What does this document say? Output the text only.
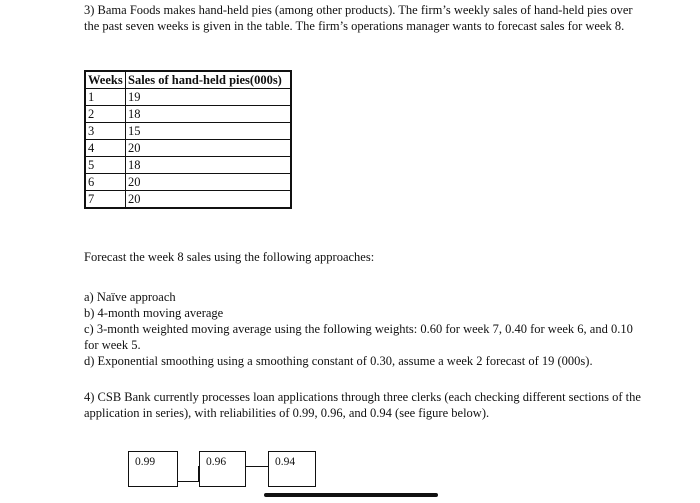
3) Bama Foods makes hand-held pies (among other products). The firm’s weekly sales of hand-held pies over the past seven weeks is given in the table. The firm’s operations manager wants to forecast sales for week 8.

Weeks	Sales of hand-held pies(000s)
1	19
2	18
3	15
4	20
5	18
6	20
7	20

Forecast the week 8 sales using the following approaches:

a) Naïve approach
b) 4-month moving average
c) 3-month weighted moving average using the following weights: 0.60 for week 7, 0.40 for week 6, and 0.10 for week 5.
d) Exponential smoothing using a smoothing constant of 0.30, assume a week 2 forecast of 19 (000s).

4) CSB Bank currently processes loan applications through three clerks (each checking different sections of the application in series), with reliabilities of 0.99, 0.96, and 0.94 (see figure below).

0.99	0.96	0.94
